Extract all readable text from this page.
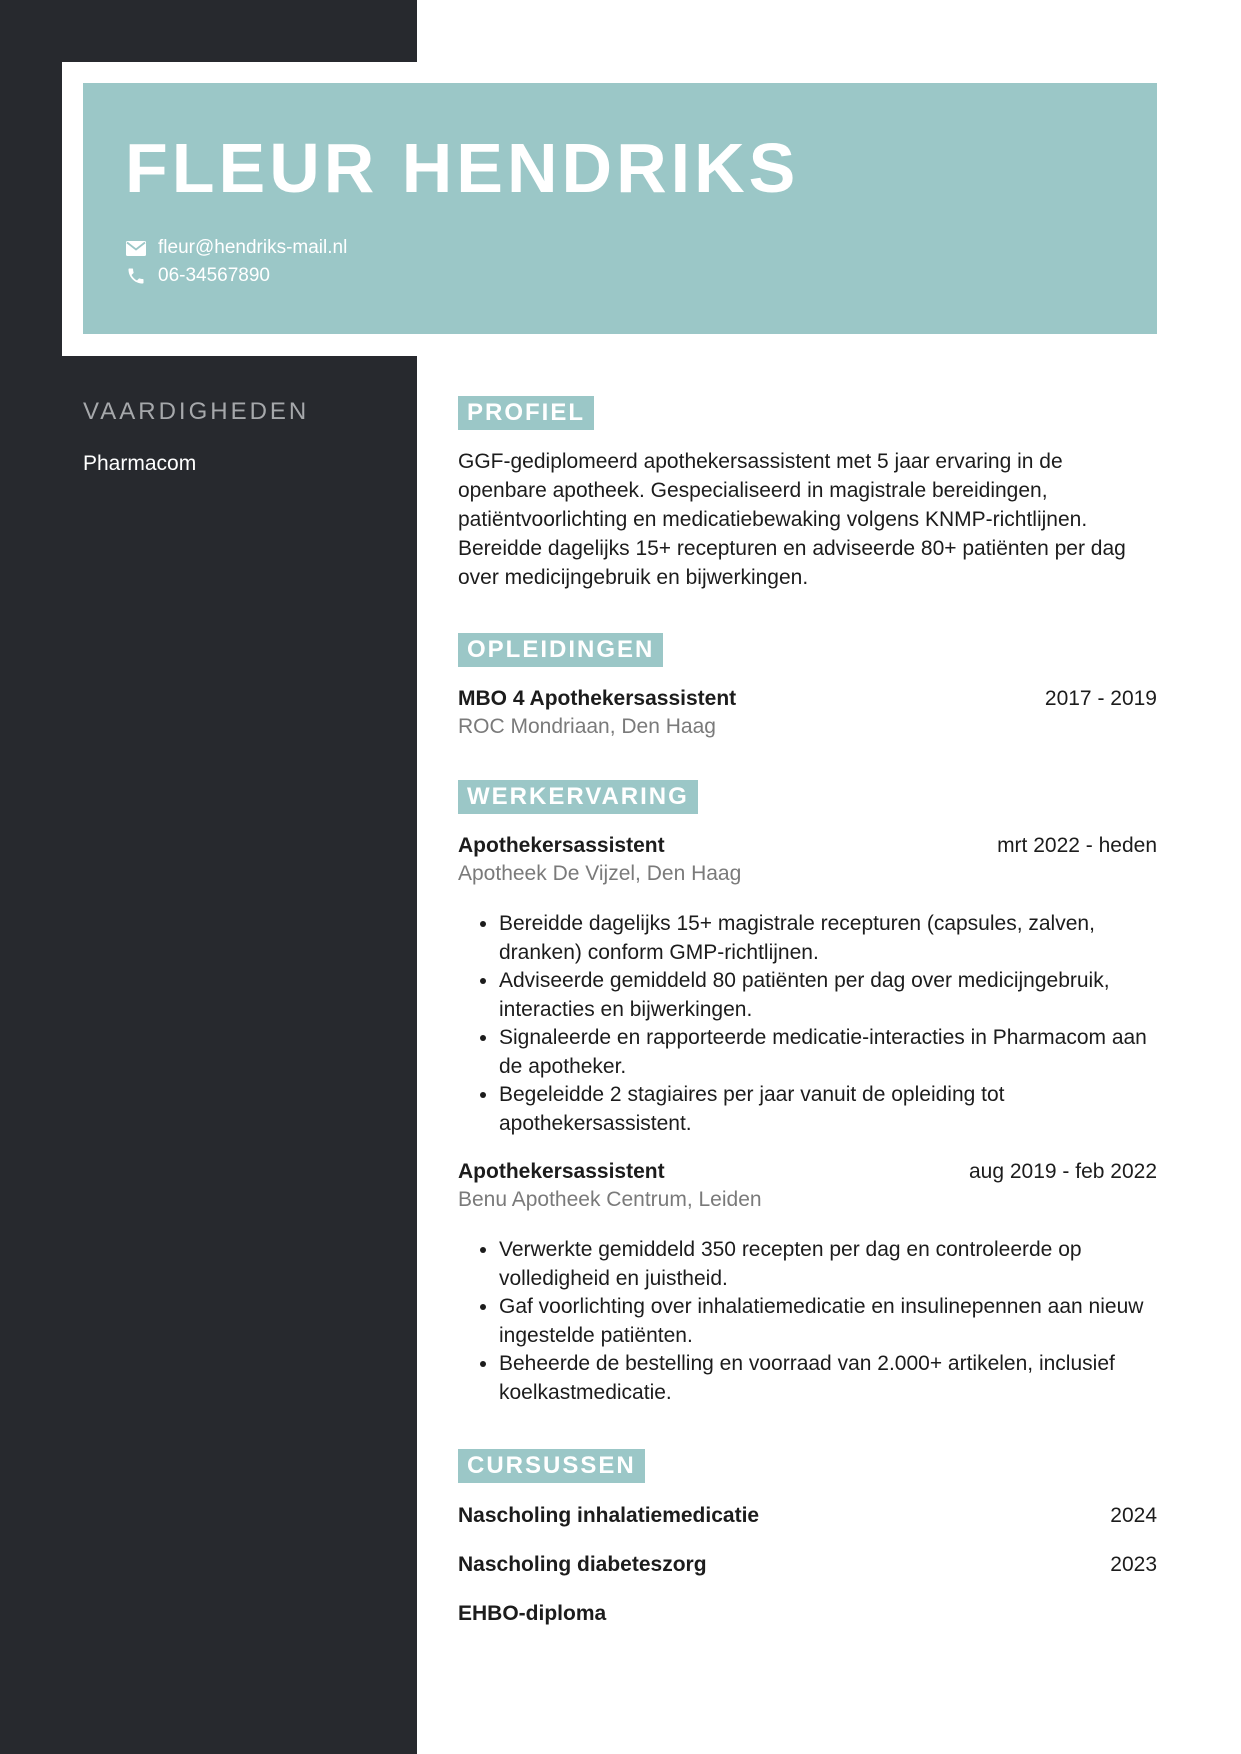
FLEUR HENDRIKS
fleur@hendriks-mail.nl
06-34567890
VAARDIGHEDEN
Pharmacom
PROFIEL

GGF-gediplomeerd apothekersassistent met 5 jaar ervaring in de openbare apotheek. Gespecialiseerd in magistrale bereidingen, patiëntvoorlichting en medicatiebewaking volgens KNMP-richtlijnen. Bereidde dagelijks 15+ recepturen en adviseerde 80+ patiënten per dag over medicijngebruik en bijwerkingen.

OPLEIDINGEN
MBO 4 Apothekersassistent	2017 - 2019
ROC Mondriaan, Den Haag
WERKERVARING
Apothekersassistent	mrt 2022 - heden
Apotheek De Vijzel, Den Haag
• Bereidde dagelijks 15+ magistrale recepturen (capsules, zalven, dranken) conform GMP-richtlijnen.
• Adviseerde gemiddeld 80 patiënten per dag over medicijngebruik, interacties en bijwerkingen.
• Signaleerde en rapporteerde medicatie-interacties in Pharmacom aan de apotheker.
• Begeleidde 2 stagiaires per jaar vanuit de opleiding tot apothekersassistent.
Apothekersassistent	aug 2019 - feb 2022
Benu Apotheek Centrum, Leiden
• Verwerkte gemiddeld 350 recepten per dag en controleerde op volledigheid en juistheid.
• Gaf voorlichting over inhalatiemedicatie en insulinepennen aan nieuw ingestelde patiënten.
• Beheerde de bestelling en voorraad van 2.000+ artikelen, inclusief koelkastmedicatie.
CURSUSSEN
Nascholing inhalatiemedicatie	2024
Nascholing diabeteszorg	2023
EHBO-diploma
